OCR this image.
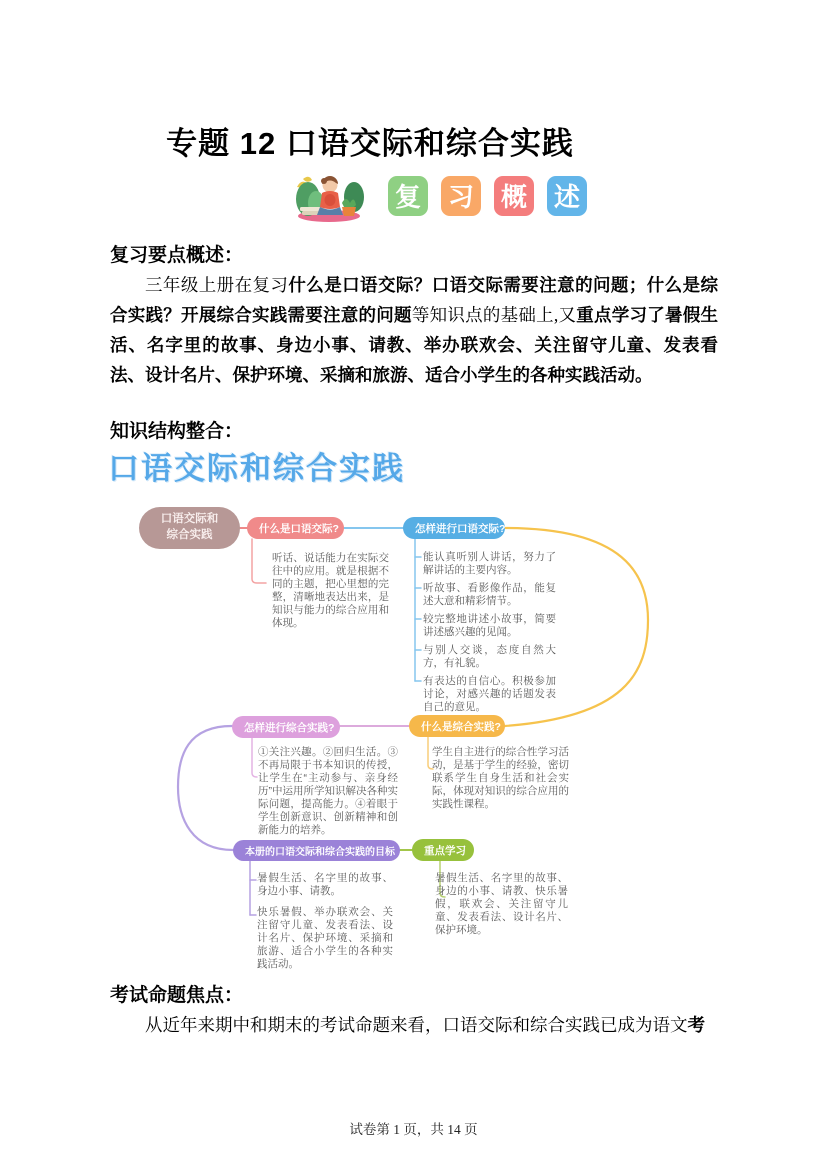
专题 12 口语交际和综合实践
复 习 概 述
复习要点概述：

三年级上册在复习什么是口语交际？口语交际需要注意的问题；什么是综合实践？开展综合实践需要注意的问题等知识点的基础上,又重点学习了暑假生活、名字里的故事、身边小事、请教、举办联欢会、关注留守儿童、发表看法、设计名片、保护环境、采摘和旅游、适合小学生的各种实践活动。

知识结构整合：
口语交际和综合实践
口语交际和
综合实践
什么是口语交际?
听话、说话能力在实际交往中的应用。就是根据不同的主题，把心里想的完整，清晰地表达出来，是知识与能力的综合应用和体现。
怎样进行口语交际?
能认真听别人讲话，努力了解讲话的主要内容。
听故事、看影像作品，能复述大意和精彩情节。
较完整地讲述小故事，简要讲述感兴趣的见闻。
与别人交谈，态度自然大方，有礼貌。
有表达的自信心。积极参加讨论，对感兴趣的话题发表自己的意见。
怎样进行综合实践?
①关注兴趣。②回归生活。③不再局限于书本知识的传授，让学生在“主动参与、亲身经历”中运用所学知识解决各种实际问题，提高能力。④着眼于学生创新意识、创新精神和创新能力的培养。
什么是综合实践?
学生自主进行的综合性学习活动，是基于学生的经验，密切联系学生自身生活和社会实际，体现对知识的综合应用的实践性课程。
本册的口语交际和综合实践的目标
暑假生活、名字里的故事、身边小事、请教。
快乐暑假、举办联欢会、关注留守儿童、发表看法、设计名片、保护环境、采摘和旅游、适合小学生的各种实践活动。
重点学习
暑假生活、名字里的故事、身边的小事、请教、快乐暑假，联欢会、关注留守儿童、发表看法、设计名片、保护环境。
考试命题焦点：

从近年来期中和期末的考试命题来看，口语交际和综合实践已成为语文考

试卷第 1 页，共 14 页
